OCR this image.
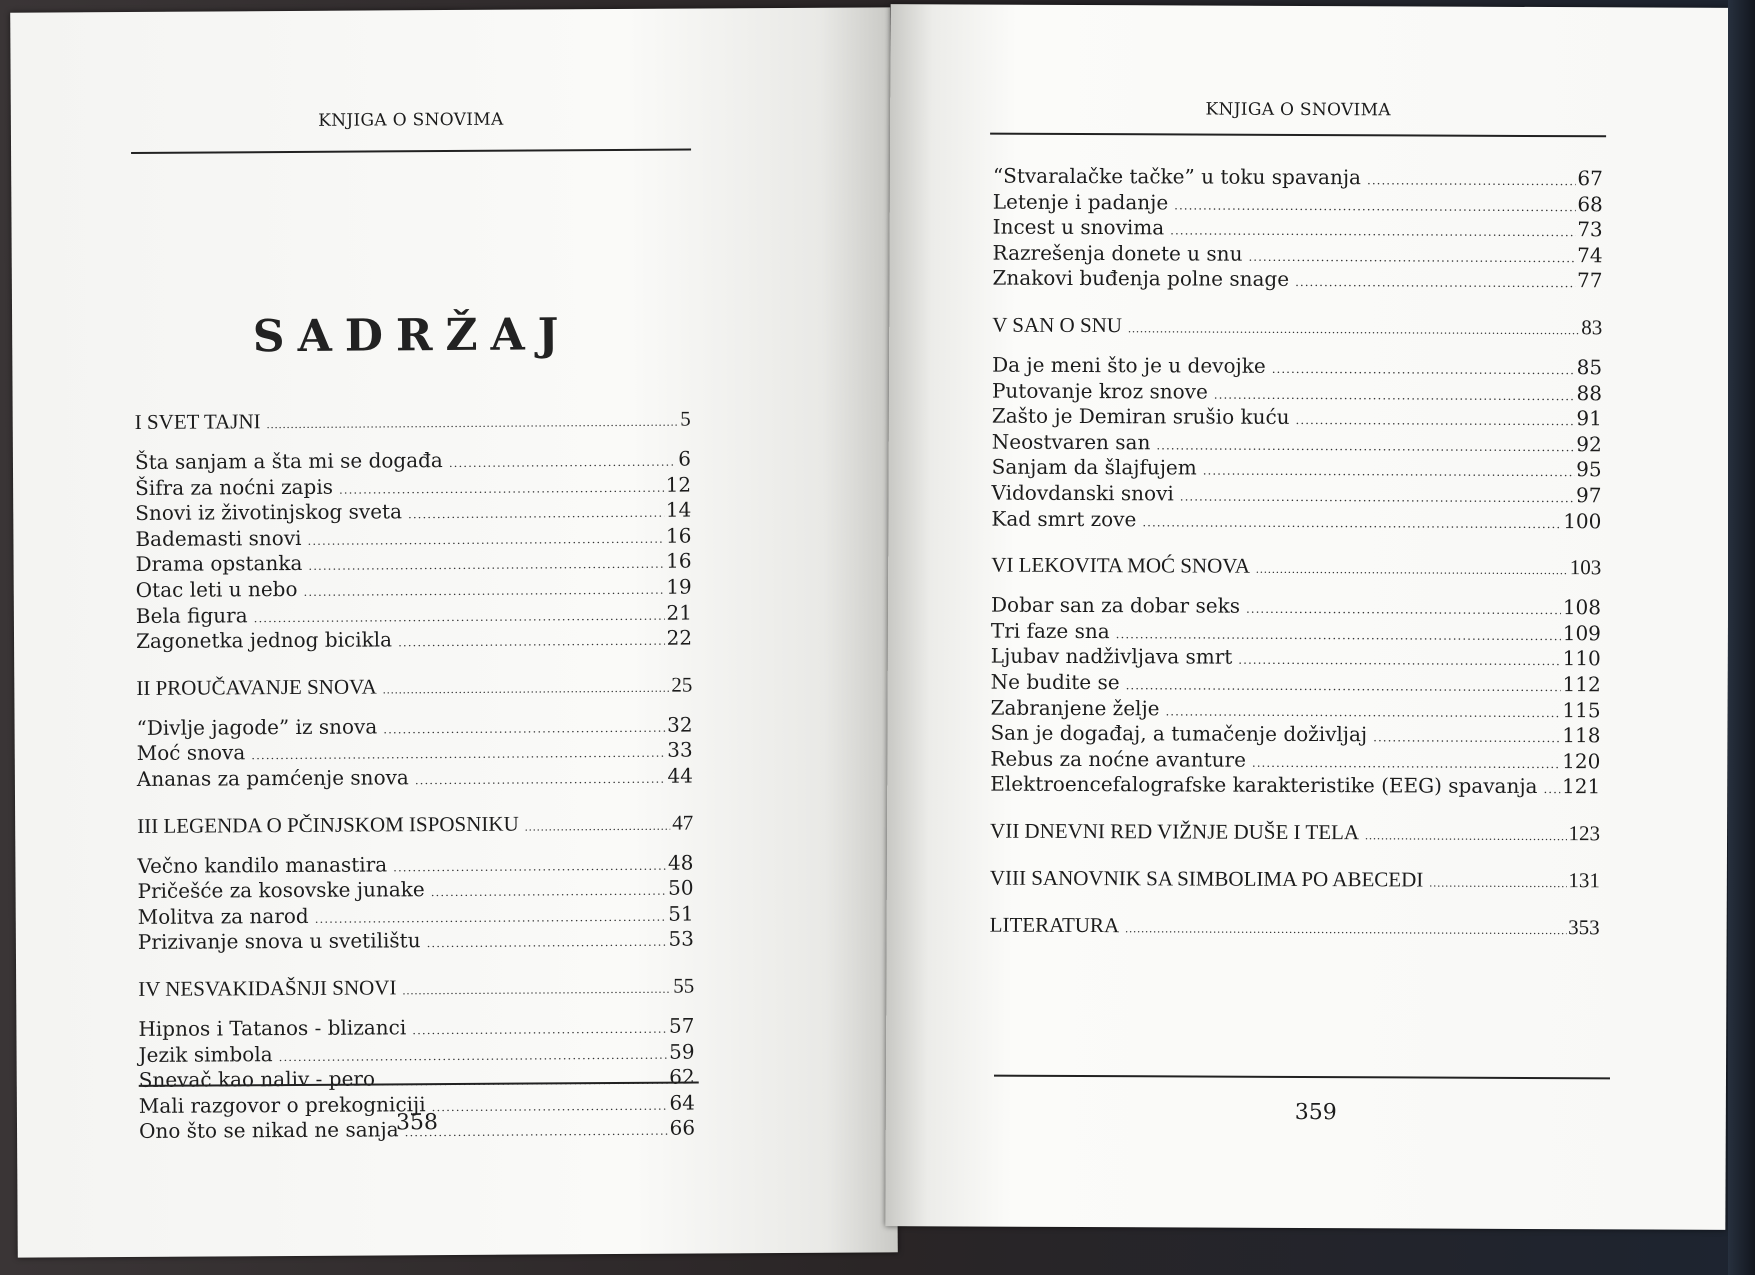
KNJIGA O SNOVIMA
SADRŽAJ
I SVET TAJNI .....	5
Šta sanjam a šta mi se događa .....	6
Šifra za noćni zapis .....	12
Snovi iz životinjskog sveta .....	14
Bademasti snovi .....	16
Drama opstanka .....	16
Otac leti u nebo .....	19
Bela figura .....	21
Zagonetka jednog bicikla .....	22
II PROUČAVANJE SNOVA .....	25
“Divlje jagode” iz snova .....	32
Moć snova .....	33
Ananas za pamćenje snova .....	44
III LEGENDA O PČINJSKOM ISPOSNIKU .....	47
Večno kandilo manastira .....	48
Pričešće za kosovske junake .....	50
Molitva za narod .....	51
Prizivanje snova u svetilištu .....	53
IV NESVAKIDAŠNJI SNOVI .....	55
Hipnos i Tatanos - blizanci .....	57
Jezik simbola .....	59
Snevač kao naliv - pero .....	62
Mali razgovor o prekogniciji .....	64
Ono što se nikad ne sanja .....	66
358
KNJIGA O SNOVIMA
“Stvaralačke tačke” u toku spavanja .....	67
Letenje i padanje .....	68
Incest u snovima .....	73
Razrešenja donete u snu .....	74
Znakovi buđenja polne snage .....	77
V SAN O SNU .....	83
Da je meni što je u devojke .....	85
Putovanje kroz snove .....	88
Zašto je Demiran srušio kuću .....	91
Neostvaren san .....	92
Sanjam da šlajfujem .....	95
Vidovdanski snovi .....	97
Kad smrt zove .....	100
VI LEKOVITA MOĆ SNOVA .....	103
Dobar san za dobar seks .....	108
Tri faze sna .....	109
Ljubav nadživljava smrt .....	110
Ne budite se .....	112
Zabranjene želje .....	115
San je događaj, a tumačenje doživljaj .....	118
Rebus za noćne avanture .....	120
Elektroencefalografske karakteristike (EEG) spavanja ..... 121
VII DNEVNI RED VIŽNJE DUŠE I TELA .....	123
VIII SANOVNIK SA SIMBOLIMA PO ABECEDI .....	131
LITERATURA .....	353
359
